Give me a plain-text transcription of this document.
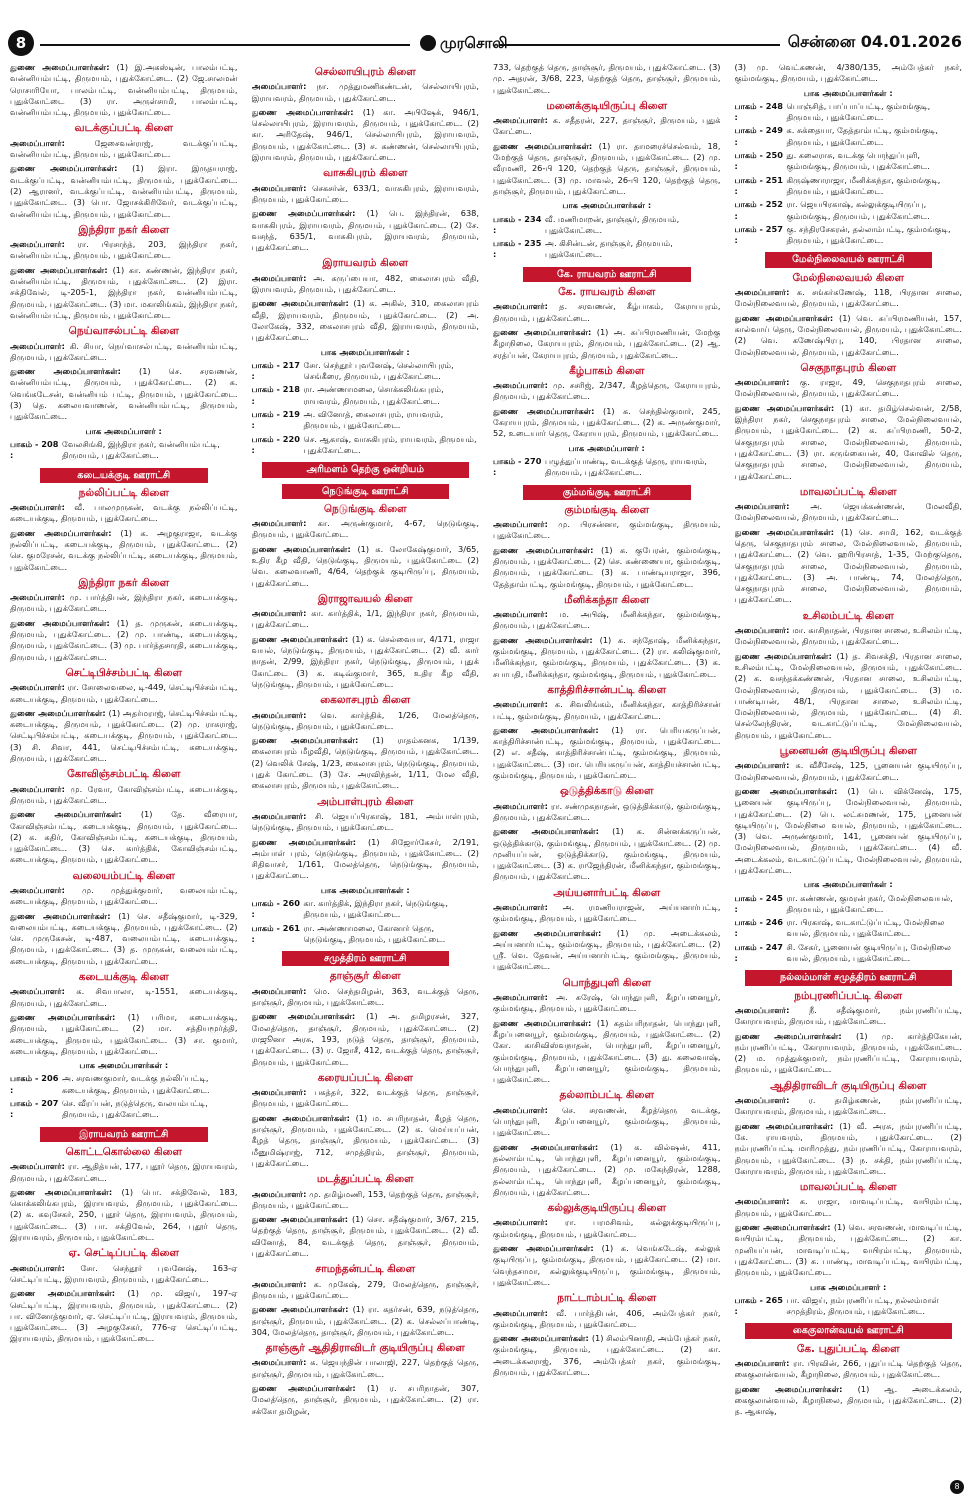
8	முரசொலி	சென்னை 04.01.2026

துணை அமைப்பாளர்கள்: (1) இ.அகஸ்டின், பாலம்பட்டி, வன்னியம்பட்டி, திருமயம், புதுக்கோட்டை. (2) ஜே.சாலமன் ரொசாரியோ, பாலம்பட்டி, வன்னியம்பட்டி, திருமயம், புதுக்கோட்டை (3) ரா. அருள்சாமி, பாலம்பட்டி, வன்னியம்பட்டி, திருமயம், புதுக்கோட்டை.

வடக்குப்பட்டி கிளை

அமைப்பாளர்: ஜேசைவன்ராஜ், வடக்குப்பட்டி, வன்னியம்பட்டி, திருமயம், புதுக்கோட்டை.

துணை அமைப்பாளர்கள்: (1) இரா. இருதயராஜ், வடக்குப்பட்டி, வன்னியம்பட்டி, திருமயம், புதுக்கோட்டை. (2) ஆரானர், வடக்குப்பட்டி, வன்னியம்பட்டி, திருமயம், புதுக்கோட்டை. (3) பொ. ஜோசக்கிரிவேர், வடக்குப்பட்டி, வன்னியம்பட்டி, திருமயம், புதுக்கோட்டை.

இந்திரா நகர் கிளை

அமைப்பாளர்: ரா. பிரசாந்த், 203, இந்திரா நகர், வன்னியம்பட்டி, திருமயம், புதுக்கோட்டை.

துணை அமைப்பாளர்கள்: (1) கா. கண்ணன், இந்திரா நகர், வன்னியம்பட்டி, திருமயம், புதுக்கோட்டை. (2) இரா. சக்திவேல், டி-205-1, இந்திரா நகர், வன்னியம்பட்டி, திருமயம், புதுக்கோட்டை. (3) மா. மகாலிங்கம், இந்திரா நகர், வன்னியம்பட்டி, திருமயம், புதுக்கோட்டை.

நெய்வாசல்பட்டி கிளை

அமைப்பாளர்: கி. சியா, நெய்வாசல்பட்டி, வன்னியம்பட்டி, திருமயம், புதுக்கோட்டை.

துணை அமைப்பாளர்கள்: (1) செ. சரவணன், வன்னியம்பட்டி, திருமயம், புதுக்கோட்டை. (2) க. வெங்கடேசன், வன்னியம் பட்டி, திருமயம், புதுக்கோட்டை. (3) தெ. கலையவாணன், வன்னியம்பட்டி, திருமயம், புதுக்கோட்டை.

பாக அமைப்பாளர் :
பாகம் - 208 :
வேலசிங்கி, இந்திரா நகர், வன்னியம்பட்டி, திருமயம், புதுக்கோட்டை.
கடையக்குடி ஊராட்சி
நல்லிப்பட்டி கிளை

அமைப்பாளர்: வீ. பாலமுருகன், வடக்கு நல்லிப்பட்டி, கடையக்குடி, திருமயம், புதுக்கோட்டை.

துணை அமைப்பாளர்கள்: (1) க. அழகுராஜா, வடக்கு நல்லிப்பட்டி, கடையக்குடி, திருமயம், புதுக்கோட்டை. (2) செ. குமரேசன், வடக்கு நல்லிப்பட்டி, கடையக்குடி, திருமயம், புதுக்கோட்டை.

இந்திரா நகர் கிளை

அமைப்பாளர்: மு. பார்த்திபன், இந்திரா நகர், கடையக்குடி, திருமயம், புதுக்கோட்டை.

துணை அமைப்பாளர்கள்: (1) த. முருகன், கடையக்குடி, திருமயம், புதுக்கோட்டை. (2) மு. பாண்டி, கடையக்குடி, திருமயம், புதுக்கோட்டை. (3) மு. பார்த்தசாரதி, கடையக்குடி, திருமயம், புதுக்கோட்டை.

செட்டிபிச்சம்பட்டி கிளை

அமைப்பாளர்: ரா. சோலைவலை, டி-449, செட்டிபிச்சம்பட்டி, கடையக்குடி, திருமயம், புதுக்கோட்டை.

துணை அமைப்பாளர்கள்: (1) அதர்மராஜ், செட்டிபிச்சம்பட்டி, கடையக்குடி, திருமயம், புதுக்கோட்டை. (2) மு. ராசுராஜ், செட்டிபிச்சம்பட்டி, கடையக்குடி, திருமயம், புதுக்கோட்டை. (3) சி. சிவா, 441, செட்டிபிச்சம்பட்டி, கடையக்குடி, திருமயம், புதுக்கோட்டை.

கோவிஞ்சம்பட்டி கிளை

அமைப்பாளர்: மு. ரேவா, கோவிஞ்சம்பட்டி, கடையக்குடி, திருமயம், புதுக்கோட்டை.

துணை அமைப்பாளர்கள்: (1) தே. வீரையா, கோவிஞ்சம்பட்டி, கடையக்குடி, திருமயம், புதுக்கோட்டை. (2) க. கதிர், கோவிஞ்சம்பட்டி, கடையக்குடி, திருமயம், புதுக்கோட்டை. (3) செ. கார்த்திக், கோவிஞ்சம்பட்டி, கடையக்குடி, திருமயம், புதுக்கோட்டை.

வலையம்பட்டி கிளை

அமைப்பாளர்: மு. முத்துக்குமார், வலையம்பட்டி, கடையக்குடி, திருமயம், புதுக்கோட்டை.

துணை அமைப்பாளர்கள்: (1) செ. சதீஷ்குமார், டி-329, வலையம்பட்டி, கடையக்குடி, திருமயம், புதுக்கோட்டை. (2) செ. முருகேசன், டி-487, வலையம்பட்டி, கடையக்குடி, திருமயம், புதுக்கோட்டை. (3) த. முருகன், வலையம்பட்டி, கடையக்குடி, திருமயம், புதுக்கோட்டை.

கடையக்குடி கிளை

அமைப்பாளர்: க. சிவபாலா, டி-1551, கடையக்குடி, திருமயம், புதுக்கோட்டை.

துணை அமைப்பாளர்கள்: (1) பரிமா, கடையக்குடி, திருமயம், புதுக்கோட்டை. (2) மா. சத்தியமூர்த்தி, கடையக்குடி, திருமயம், புதுக்கோட்டை. (3) சா. குமார், கடையக்குடி, திருமயம், புதுக்கோட்டை.

பாக அமைப்பாளர்கள் :
பாகம் - 206 :
அ. சரவணகுமார், வடக்கு நல்லிப்பட்டி, கடையக்குடி, திருமயம், புதுக்கோட்டை.
பாகம் - 207 :
செ. வீரப்பன், நடுத்தெரு, வலயம்பட்டி, திருமயம், புதுக்கோட்டை.
இராயவரம் ஊராட்சி
கொட்டகொல்லை கிளை

அமைப்பாளர்: ரா. ஆதித்யன், 177, புதூர் தெரு, இராயவரம், திருமயம், புதுக்கோட்டை.

துணை அமைப்பாளர்கள்: (1) பொ. சக்திவேல், 183, கொக்கலிங்கபுரம், இராயவரம், திருமயம், புதுக்கோட்டை. (2) க. கவுசேகர், 250, புதூர் தெரு, இராயவரம், திருமயம், புதுக்கோட்டை. (3) பா. சக்திவேல், 264, புதூர் தெரு, இராயவரம், திருமயம், புதுக்கோட்டை.

ஏ. செட்டிப்பட்டி கிளை

அமைப்பாளர்: சோ. செந்தூர் புவனேஷ், 163-ஏ செட்டிப்பட்டி, இராயவரம், திருமயம், புதுக்கோட்டை.

துணை அமைப்பாளர்கள்: (1) மு. விஜய், 197-ஏ செட்டிப்பட்டி, இராயவரம், திருமயம், புதுக்கோட்டை. (2) பா. வினோத்குமார், ஏ. செட்டிப்பட்டி, இராயவரம், திருமயம், புதுக்கோட்டை. (3) அழகுசேகர், 776-ஏ செட்டிப்பட்டி, இராயவரம், திருமயம், புதுக்கோட்டை.

செல்லாயிபுரம் கிளை

அமைப்பாளர்: நா. முத்துமணிகண்டன், செல்லாயிபுரம், இராயவரம், திருமயம், புதுக்கோட்டை.

துணை அமைப்பாளர்கள்: (1) கா. அபிஷேக், 946/1, செல்லாயிபுரம், இராயவரம், திருமயம், புதுக்கோட்டை. (2) கா. அரிதேஷ், 946/1, செல்லாயிபுரம், இராயவரம், திருமயம், புதுக்கோட்டை. (3) ச. கண்ணன், செல்லாயிபுரம், இராயவரம், திருமயம், புதுக்கோட்டை.

வாசுகிபுரம் கிளை

அமைப்பாளர்: செகசர்ன், 633/1, வாசுகிபுரம், இராயவரம், திருமயம், புதுக்கோட்டை.

துணை அமைப்பாளர்கள்: (1) பெ. இந்திரன், 638, வாசுகிபுரம், இராயவரம், திருமயம், புதுக்கோட்டை. (2) சே. வசந்த், 635/1, வாசுகிபுரம், இராயவரம், திருமயம், புதுக்கோட்டை.

இராயவரம் கிளை

அமைப்பாளர்: அ. கருப்பையா, 482, கைலாசபுரம் வீதி, இராயவரம், திருமயம், புதுக்கோட்டை.

துணை அமைப்பாளர்கள்: (1) க. அகில், 310, கைலாசபுரம் வீதி, இராயவரம், திருமயம், புதுக்கோட்டை. (2) அ. லோகேஷ், 332, கைலாசபுரம் வீதி, இராயவரம், திருமயம், புதுக்கோட்டை.

பாக அமைப்பாளர்கள் :
பாகம் - 217 :
சோ. செந்தூர் புவனேஷ், செல்லாயிபுரம், செங்கீரை, திருமயம், புதுக்கோட்டை.
பாகம் - 218 :
ரா. அண்ணாமலை, சொக்கலிங்கபுரம், ராயவரம், திருமயம், புதுக்கோட்டை.
பாகம் - 219 :
அ. வினோத், கைலாசபுரம், ராயவரம், திருமயம், புதுக்கோட்டை.
பாகம் - 220 :
செ. ஆகாஷ், வாசுகிபுரம், ராயவரம், திருமயம், புதுக்கோட்டை.
அரிமளம் தெற்கு ஒன்றியம்
நெடுங்குடி ஊராட்சி
நெடுங்குடி கிளை

அமைப்பாளர்: கா. அருண்குமார், 4-67, நெடுங்குடி, திருமயம், புதுக்கோட்டை.

துணை அமைப்பாளர்கள்: (1) க. லோகேஷ்குமார், 3/65, உதிர கீழ வீதி, நெடுங்குடி, திருமயம், புதுக்கோட்டை (2) வெ. கலைவாணி, 4/64, தெற்குக் குடியிருப்பு, திருமயம், புதுக்கோட்டை.

இராஜாவயல் கிளை

அமைப்பாளர்: கா. கார்த்திக், 1/1, இந்திரா நகர், திருமயம், புதுக்கோட்டை.

துணை அமைப்பாளர்கள்: (1) க. செல்வையா, 4/171, ராஜா வயல், நெடுங்குடி, திருமயம், புதுக்கோட்டை. (2) வீ. கார் நாதன், 2/99, இந்திரா நகர், நெடுங்குடி, திருமயம், புதுக் கோட்டை (3) க. கடிவ்குமார், 365, உதிர கீழ வீதி, நெடுங்குடி, திருமயம், புதுக்கோட்டை.

கைலாசபுரம் கிளை

அமைப்பாளர்: வெ. கார்த்திக், 1/26, மேலத்தெரு, நெடுங்குடி, திருமயம், புதுக்கோட்டை.

துணை அமைப்பாளர்கள்: (1) ராதம்கனக, 1/139, கைலாசபுரம் மீழவீதி, நெடுங்குடி, திருமயம், புதுக்கோட்டை. (2) வெலிக் சேஷ், 1/23, கைலாசபுரம், நெடுங்குடி, திருமயம், புதுக் கோட்டை (3) சே. அரவிந்தன், 1/11, மேல வீதி, கைலாசபுரம், திருமயம், புதுக்கோட்டை.

அம்பாள்புரம் கிளை

அமைப்பாளர்: சி. ஜெயப்பிரகாஷ், 181, அம்பாள்புரம், நெடுங்குடி, திருமயம், புதுக்கோட்டை.

துணை அமைப்பாளர்கள்: (1) சிஜோர்கேசர், 2/191, அம்பாள் புரம், நெடுங்குடி, திருமயம், புதுக்கோட்டை. (2) சிதிவாசர், 1/161, மேலத்தெரு, நெடுங்குடி, திருமயம், புதுக்கோட்டை.

பாக அமைப்பாளர்கள் :
பாகம் - 260 :
கா. கார்த்திக், இந்திரா நகர், நெடுங்குடி, திருமயம், புதுக்கோட்டை.
பாகம் - 261 :
ரா. அண்ணாமலை, கோனார் தெரு, நெடுங்குடி, திருமயம், புதுக்கோட்டை.
சமுத்திரம் ஊராட்சி
தாஞ்சூர் கிளை

அமைப்பாளர்: மெ. செந்தமிழன், 363, வடக்குத் தெரு, தாஞ்சூர், திருமயம், புதுக்கோட்டை.

துணை அமைப்பாளர்கள்: (1) அ. தமிழரசன், 327, மேலத்தெரு, தாஞ்சூர், திருமயம், புதுக்கோட்டை. (2) ராஜூனா அரசு, 193, நடுத் தெரு, தாஞ்சூர், திருமயம், புதுக்கோட்டை. (3) ர. ஜோசீ, 412, வடக்குத் தெரு, தாஞ்சூர், திருமயம், புதுக்கோட்டை.

கரையப்பட்டி கிளை

அமைப்பாளர்: பகத்தர், 322, வடக்குத் தெரு, தாஞ்சூர், திருமயம், புதுக்கோட்டை.

துணை அமைப்பாளர்கள்: (1) ம. சபரிநாதன், கீழத் தெரு, தாஞ்சூர், திருமயம், புதுக்கோட்டை. (2) க. மெய்யப்பன், கீழத் தெரு, தாஞ்சூர், திருமயம், புதுக்கோட்டை. (3) மீனுமிஷ்ராஜ், 712, சமுத்திரம், தாஞ்சூர், திருமயம், புதுக்கோட்டை.

மடத்துப்பட்டி கிளை

அமைப்பாளர்: மு. தமிழ்மணி, 153, தெற்குத் தெரு, தாஞ்சூர், திருமயம், புதுக்கோட்டை.

துணை அமைப்பாளர்கள்: (1) சொ. சதீஷ்குமார், 3/67, 215, தெற்குத் தெரு, தாஞ்சூர், திருமயம், புதுக்கோட்டை. (2) வீ. வினோத், 84, வடக்குத் தெரு, தாஞ்சூர், திருமயம், புதுக்கோட்டை.

சாமந்தன்பட்டி கிளை

அமைப்பாளர்: க. முகேஷ், 279, மேலத்தெரு, தாஞ்சூர், திருமயம், புதுக்கோட்டை.

துணை அமைப்பாளர்கள்: (1) ரா. கதர்சன், 639, நடுத்தெரு, தாஞ்சூர், திருமயம், புதுக்கோட்டை. (2) க. செல்லப்பாண்டி, 304, மேலத்தெரு, தாஞ்சூர், திருமயம், புதுக்கோட்டை.

தாஞ்சூர் ஆதிதிராவிடர் குடியிருப்பு கிளை

அமைப்பாளர்: க. ஜெயந்தின் பாலாஜி, 227, தெற்குத் தெரு, தாஞ்சூர், திருமயம், புதுக்கோட்டை.

துணை அமைப்பாளர்கள்: (1) ர. சபரிநாதன், 307, மேலத்தெரு, தாஞ்சூர், திருமயம், புதுக்கோட்டை. (2) ரா. சக்கோ தமிழன்,

733, தெற்குத் தெரு, தாஞ்சூர், திருமயம், புதுக்கோட்டை. (3) மு. அதரன், 3/68, 223, தெற்குத் தெரு, தாஞ்சூர், திருமயம், புதுக்கோட்டை.

மனைக்குடியிருப்பு கிளை

அமைப்பாளர்: க. சதீதரன், 227, தாஞ்சூர், திருமயம், புதுக் கோட்டை.

துணை அமைப்பாளர்கள்: (1) ரா. தாமரைச்செல்வம், 18, மேற்குத் தெரு, தாஞ்சூர், திருமயம், புதுக்கோட்டை. (2) மு. வீரமணி, 26-பி 120, தெற்குத் தெரு, தாஞ்சூர், திருமயம், புதுக்கோட்டை. (3) மு. மாவல், 26-பி 120, தெற்குத் தெரு, தாஞ்சூர், திருமயம், புதுக்கோட்டை.

பாக அமைப்பாளர்கள் :
பாகம் - 234 :
வீ. மணிமாறன், தாஞ்சூர், திருமயம், புதுக்கோட்டை.
பாகம் - 235 :
அ. கிசின்டன், தாஞ்சூர், திருமயம், புதுக்கோட்டை.
கே. ராயவரம் ஊராட்சி
கே. ராயவரம் கிளை

அமைப்பாளர்: த. சரவணன், கீழ்பாகம், கேராயபுரம், திருமயம், புதுக்கோட்டை.

துணை அமைப்பாளர்கள்: (1) அ. சுப்பிரமணியன், மேற்கு கீழாநிலை, கேராயபுரம், திருமயம், புதுக்கோட்டை. (2) ஆ. சரத்ப்பன், கேராயபுரம், திருமயம், புதுக்கோட்டை.

கீழ்பாகம் கிளை

அமைப்பாளர்: மு. சசரிஜ், 2/347, கீழத்தெரு, கேராயபுரம், திருமயம், புதுக்கோட்டை.

துணை அமைப்பாளர்கள்: (1) க. செந்தில்குமார், 245, கேராயபுரம், திருமயம், புதுக்கோட்டை. (2) க. அருண்குமார், 52, உடையார் தெரு, கேராயபுரம், திருமயம், புதுக்கோட்டை.

பாக அமைப்பாளர் :
பாகம் - 270 :
பழுத்துப்பாண்டி, வடக்குத் தெரு, ராயவரம், திருமயம், புதுக்கோட்டை.
கும்மங்குடி ஊராட்சி
கும்மங்குடி கிளை

அமைப்பாளர்: மு. பிரசன்னா, கும்மங்குடி, திருமயம், புதுக்கோட்டை.

துணை அமைப்பாளர்கள்: (1) க. குபேரன், கும்மங்குடி, திருமயம், புதுக்கோட்டை. (2) செ. கண்ணையா, கும்மங்குடி, திருமயம், புதுக்கோட்டை (3) க. பாண்டியராஜா, 396, தேத்தாம்பட்டி, கும்மங்குடி, திருமயம், புதுக்கோட்டை.

மீனிக்கந்தா கிளை

அமைப்பாளர்: ம. அபிஷ், மீனிக்கந்தா, கும்மங்குடி, திருமயம், புதுக்கோட்டை.

துணை அமைப்பாளர்கள்: (1) க. சந்தோஷ், மீனிக்கந்தா, கும்மங்குடி, திருமயம், புதுக்கோட்டை. (2) ரா. கலிஷ்குமார், மீனிக்கந்தா, கும்மங்குடி, திருமயம், புதுக்கோட்டை. (3) க. சபாபதி, மீனிக்கந்தா, கும்மங்குடி, திருமயம், புதுக்கோட்டை.

காத்திரிச்சான்பட்டி கிளை

அமைப்பாளர்: க. சிவலிங்கம், மீனிக்கந்தா, காத்திரிச்சான் பட்டி, கும்மங்குடி, திருமயம், புதுக்கோட்டை.

துணை அமைப்பாளர்கள்: (1) ரா. பெரியகருப்பன், காத்திரிச்சான்பட்டி, கும்மங்குடி, திருமயம், புதுக்கோட்டை. (2) எ. சதீஷ், காத்திரிச்சான்பட்டி, கும்மங்குடி, திருமயம், புதுக்கோட்டை. (3) மா. பெரியகருப்பன், காத்தியச்சான்பட்டி, கும்மங்குடி, திருமயம், புதுக்கோட்டை.

ஒடுத்திக்காடு கிளை

அமைப்பாளர்: ரா. சண்முகநாதன், ஒடுத்திக்காடு, கும்மங்குடி, திருமயம், புதுக்கோட்டை.

துணை அமைப்பாளர்கள்: (1) க. சின்னக்கருப்பன், ஒடுத்திக்காடு, கும்மங்குடி, திருமயம், புதுக்கோட்டை. (2) மு. முனியப்பன், ஒடுத்திக்காடு, கும்மங்குடி, திருமயம், புதுக்கோட்டை. (3) க. ராஜேந்திரன், மீனிக்கந்தா, கும்மங்குடி, திருமயம், புதுக்கோட்டை.

அய்யனார்பட்டி கிளை

அமைப்பாளர்: அ. ரமணியராஜன், அய்யனார்பட்டி, கும்மங்குடி, திருமயம், புதுக்கோட்டை.

துணை அமைப்பாளர்கள்: (1) மு. அடைக்கலம், அய்யனார்பட்டி, கும்மங்குடி, திருமயம், புதுக்கோட்டை. (2) ஸ்ரீ. வெ. தேவன், அய்யனார்பட்டி, கும்மங்குடி, திருமயம், புதுக்கோட்டை.

பொந்துபுளி கிளை

அமைப்பாளர்: அ. சுரேஷ், பொந்துபுளி, கீழப்பனையூர், கும்மங்குடி, திருமயம், புதுக்கோட்டை.

துணை அமைப்பாளர்கள்: (1) கதம்பரிநாதன், பொந்துபுளி, கீழப்பனையூர், கும்மங்குடி, திருமயம், புதுக்கோட்டை. (2) கோ. காசிவிஸ்வநாதன், பொந்துபுளி, கீழப்பனையூர், கும்மங்குடி, திருமயம், புதுக்கோட்டை. (3) து. கலைவாஷ், பொந்துபுளி, கீழப்பனையூர், கும்மங்குடி, திருமயம், புதுக்கோட்டை.

தல்லாம்பட்டி கிளை

அமைப்பாளர்: செ. சரவணன், கீழத்தெரு வடக்கு, பொந்துபுளி, கீழப்பனையூர், கும்மங்குடி, திருமயம், புதுக்கோட்டை.

துணை அமைப்பாளர்கள்: (1) க. வில்ஷன், 411, தல்லாம்பட்டி, பொந்துபுளி, கீழப்பனையூர், கும்மங்குடி, திருமயம், புதுக்கோட்டை. (2) மு. மகேந்திரன், 1288, தல்லாம்பட்டி, பொந்துபுளி, கீழப்பனையூர், கும்மங்குடி, திருமயம், புதுக்கோட்டை.

கல்லுக்குடியிருப்பு கிளை

அமைப்பாளர்: ரா. பரமசிவம், கல்லுக்குடியிருப்பு, கும்மங்குடி, திருமயம், புதுக்கோட்டை.

துணை அமைப்பாளர்கள்: (1) க. வெங்கடேஷ், கல்லுக் குடியிருப்பு, கும்மங்குடி, திருமயம், புதுக்கோட்டை. (2) மா. வெந்தசாமா, கல்லுக்குடியிருப்பு, கும்மங்குடி, திருமயம், புதுக்கோட்டை.

நாட்டாம்பட்டி கிளை

அமைப்பாளர்: வீ. பார்த்திபன், 406, அம்பேத்கர் நகர், கும்மங்குடி, திருமயம், புதுக்கோட்டை.

துணை அமைப்பாளர்கள்: (1) சிலம்பினாதி, அம்பேத்கர் நகர், கும்மங்குடி, திருமயம், புதுக்கோட்டை. (2) கா. அடைக்கலராஜ், 376, அம்பேத்கர் நகர், கும்மங்குடி, திருமயம், புதுக்கோட்டை.

(3) மு. வெட்கணன், 4/380/135, அம்பேத்கர் நகர், கும்மங்குடி, திருமயம், புதுக்கோட்டை.

பாக அமைப்பாளர்கள் :
பாகம் - 248 :
பொஞ்சித், பாப்பாப்பட்டி, கும்மங்குடி, திருமயம், புதுக்கோட்டை.
பாகம் - 249 :
க. சுக்தையா, தேத்தாம்பட்டி, கும்மங்குடி, திருமயம், புதுக்கோட்டை.
பாகம் - 250 :
து. கலைராசு, வடக்கு பொந்துப்புளி, கும்மங்குடி, திருமயம், புதுக்கோட்டை.
பாகம் - 251 :
கிருஷ்ணாராஜா, மீனிக்கந்தா, கும்மங்குடி, திருமயம், புதுக்கோட்டை.
பாகம் - 252 :
ரா. ஜெயபிரகாஷ், கல்லுக்குடியிருப்பு, கும்மங்குடி, திருமயம், புதுக்கோட்டை.
பாகம் - 257 :
கு. சந்திரசேகரன், தல்லாம்பட்டி, கும்மங்குடி, திருமயம், புதுக்கோட்டை.
மேல்நிலைவயல் ஊராட்சி
மேல்நிலைவயல் கிளை

அமைப்பாளர்: க. சங்கர்கணேஷ், 118, பிரதான சாலை, மேல்நிலைவயல், திருமயம், புதுக்கோட்டை.

துணை அமைப்பாளர்கள்: (1) வெ. சுப்பிரமணியன், 157, கால்வாய் தெரு, மேல்நிலைவயல், திருமயம், புதுக்கோட்டை. (2) வெ. கணேஷ்பிரபு, 140, பிரதான சாலை, மேல்நிலைவயல், திருமயம், புதுக்கோட்டை.

செகுநாதபுரம் கிளை

அமைப்பாளர்: கு. ராஜா, 49, செகுநாதபுரம் சாலை, மேல்நிலைவயல், திருமயம், புதுக்கோட்டை.

துணை அமைப்பாளர்கள்: (1) கா. தமிழ்செல்வன், 2/58, இந்திரா நகர், செகுநாதபுரம் சாலை, மேல்நிலைவயல், திருமயம், புதுக்கோட்டை. (2) க. சுப்பிரமணி, 50-2, செகுநாதபுரம் சாலை, மேல்நிலைவயல், திருமயம், புதுக்கோட்டை. (3) ரா. சுருங்கையன், 40, கோவில் தெரு, செகுநாதபுரம் சாலை, மேல்நிலைவயல், திருமயம், புதுக்கோட்டை.

மாவலப்பட்டி கிளை

அமைப்பாளர்: அ. ஜெயக்கண்ணன், மேலவீதி, மேல்நிலைவயல், திருமயம், புதுக்கோட்டை.

துணை அமைப்பாளர்கள்: (1) செ. சாமி, 162, வடக்குத் தெரு, செகுநாதபுரம் சாலை, மேல்நிலைவயல், திருமயம், புதுக்கோட்டை. (2) வெ. ஹரிபிரசாத், 1-35, மேற்குதெரு, செகுநாதபுரம் சாலை, மேல்நிலைவயல், திருமயம், புதுக்கோட்டை. (3) அ. பாண்டி, 74, மேலத்தெரு, செகுநாதபுரம் சாலை, மேல்நிலைவயல், திருமயம், புதுக்கோட்டை.

உசிலம்பட்டி கிளை

அமைப்பாளர்: மா. காசிநாதன், பிரதான சாலை, உசிலம்பட்டி, மேல்நிலைவயல், திருமயம், புதுக்கோட்டை.

துணை அமைப்பாளர்கள்: (1) த. சிவசக்தி, பிரதான சாலை, உசிலம்பட்டி, மேல்நிலைவயல், திருமயம், புதுக்கோட்டை. (2) க. வசந்தக்கண்ணன், பிரதான சாலை, உசிலம்பட்டி, மேல்நிலைவயல், திருமயம், புதுக்கோட்டை. (3) ம. பாண்டியன், 48/1, பிரதான சாலை, உசிலம்பட்டி, மேல்நிலைவயல், திருமயம், புதுக்கோட்டை. (4) சி. செல்லேந்திரன், வடகாட்டுப்பட்டி, மேல்நிலைவயல், திருமயம், புதுக்கோட்டை.

பூனையன் குடியிருப்பு கிளை

அமைப்பாளர்: க. வீசீசேஷ், 125, பூனையன் குடியிருப்பு, மேல்நிலைவயல், திருமயம், புதுக்கோட்டை.

துணை அமைப்பாளர்கள்: (1) பெ. விக்னேஷ், 175, பூனையன் குடியிருப்பு, மேல்நிலைவயல், திருமயம், புதுக்கோட்டை. (2) பெ. லட்சுமணன், 175, பூனையன் குடியிருப்பு, மேல்நிலை வயல், திருமயம், புதுக்கோட்டை. (3) வெ. அருண்குமார், 141, பூனையன் குடியிருப்பு, மேல்நிலைவயல், திருமயம், புதுக்கோட்டை. (4) வீ. அடைக்கலம், வடகாட்டுப்பட்டி, மேல்நிலைவயல், திருமயம், புதுக்கோட்டை.

பாக அமைப்பாளர்கள் :
பாகம் - 245 :
ரா. கண்ணன், குமரன் நகர், மேல்நிலைவயல், திருமயம், புதுக்கோட்டை.
பாகம் - 246 :
ரா. பிரகாஷ், வடகாட்டுப்பட்டி, மேல்நிலை வயல், திருமயம், புதுக்கோட்டை.
பாகம் - 247 :
சி. சேகர், பூனையன் குடியிருப்பு, மேல்நிலை வயல், திருமயம், புதுக்கோட்டை.
நல்லம்மாள் சமுத்திரம் ஊராட்சி
நம்புரணிப்பட்டி கிளை

அமைப்பாளர்: நீ. சதீஷ்குமார், நம்புரணிப்பட்டி, கோராயவரம், திருமயம், புதுக்கோட்டை.

துணை அமைப்பாளர்கள்: (1) மு. கார்த்திகேயன், நம்புரணிப்பட்டி, கோராயவரம், திருமயம், புதுக்கோட்டை. (2) ம. முத்துக்குமார், நம்புரணிப்பட்டி, கோராயவரம், திருமயம், புதுக்கோட்டை.

ஆதிதிராவிடர் குடியிருப்பு கிளை

அமைப்பாளர்: ர. தமிழ்கணன், நம்புரணிப்பட்டி, கோராயவரம், திருமயம், புதுக்கோட்டை.

துணை அமைப்பாளர்கள்: (1) வீ. அரசு, நம்புரணிப்பட்டி, கே. ராயவரம், திருமயம், புதுக்கோட்டை. (2) நம்புரணிப்பட்டி மாரிமுத்து, நம்புரணிப்பட்டி, கோராயவரம், திருமயம், புதுக்கோட்டை. (3) ந. சக்தி, நம்புரணிப்பட்டி, கோராயவரம், திருமயம், புதுக்கோட்டை.

மாவலப்பட்டி கிளை

அமைப்பாளர்: க. ராஜா, மாவடிப்பட்டி, வயிரம்பட்டி, திருமயம், புதுக்கோட்டை.

துணை அமைப்பாளர்கள்: (1) வெ. சரவணன், மாவடிப்பட்டி, வயிரம்பட்டி, திருமயம், புதுக்கோட்டை. (2) கா. முனியப்பன், மாவடிப்பட்டி, வயிரம்பட்டி, திருமயம், புதுக்கோட்டை. (3) க. பாண்டி, மாவடிப்பட்டி, வயிரம்பட்டி, திருமயம், புதுக்கோட்டை.

பாக அமைப்பாளர் :
பாகம் - 265 :
பா. விஜய், நம்புரணிப்பட்டி, நல்லம்மாள் சமுத்திரம், திருமயம், புதுக்கோட்டை.
கைகுலான்வயல் ஊராட்சி
கே. புதுப்பட்டி கிளை

அமைப்பாளர்: ரா. பிரவின், 266, புதுப்பட்டி தெற்குத் தெரு, கைகுலான்வயல், கீழாநிலை, திருமயம், புதுக்கோட்டை.

துணை அமைப்பாளர்கள்: (1) ஆ. அடைக்கலம், கைகுலான்வயல், கீழாநிலை, திருமயம், புதுக்கோட்டை. (2) த. ஆகாஷ்,

8
